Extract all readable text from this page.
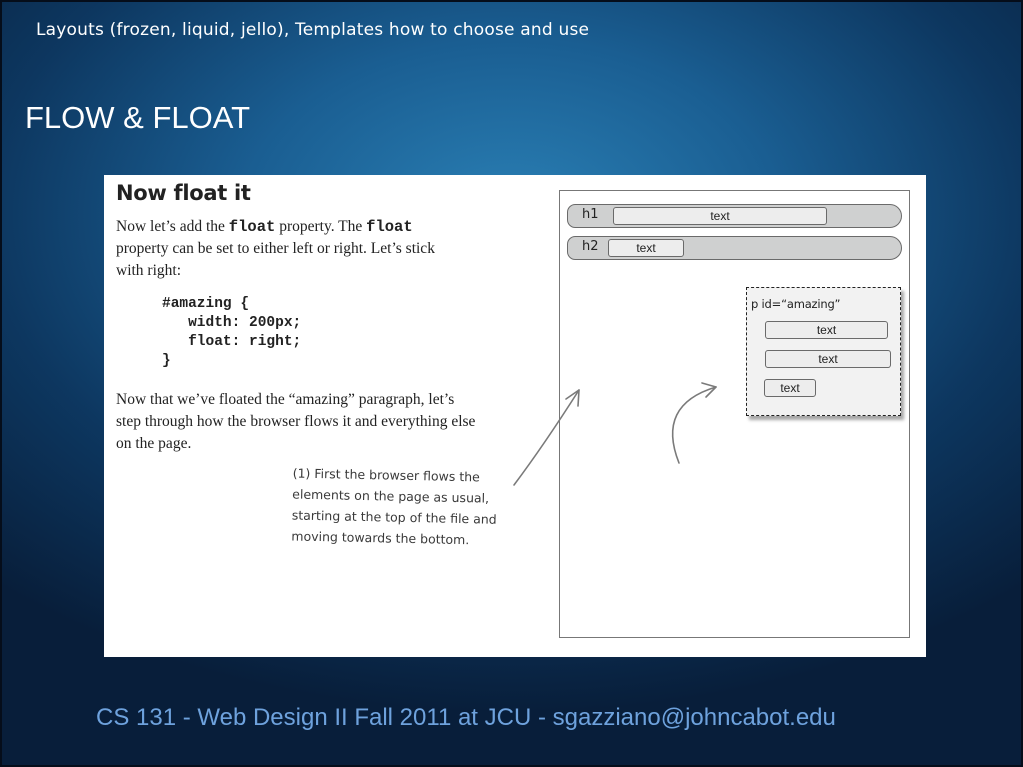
Layouts (frozen, liquid, jello), Templates how to choose and use
FLOW & FLOAT
Now float it
Now let’s add the float property. The float property can be set to either left or right. Let’s stick with right:
#amazing {
width: 200px;
float: right;
}
Now that we’ve floated the “amazing” paragraph, let’s step through how the browser flows it and everything else on the page.
(1) First the browser flows the elements on the page as usual, starting at the top of the file and moving towards the bottom.
h1	text
h2	text
p id=“amazing”
text
text
text
CS 131 - Web Design II Fall 2011 at JCU - sgazziano@johncabot.edu
